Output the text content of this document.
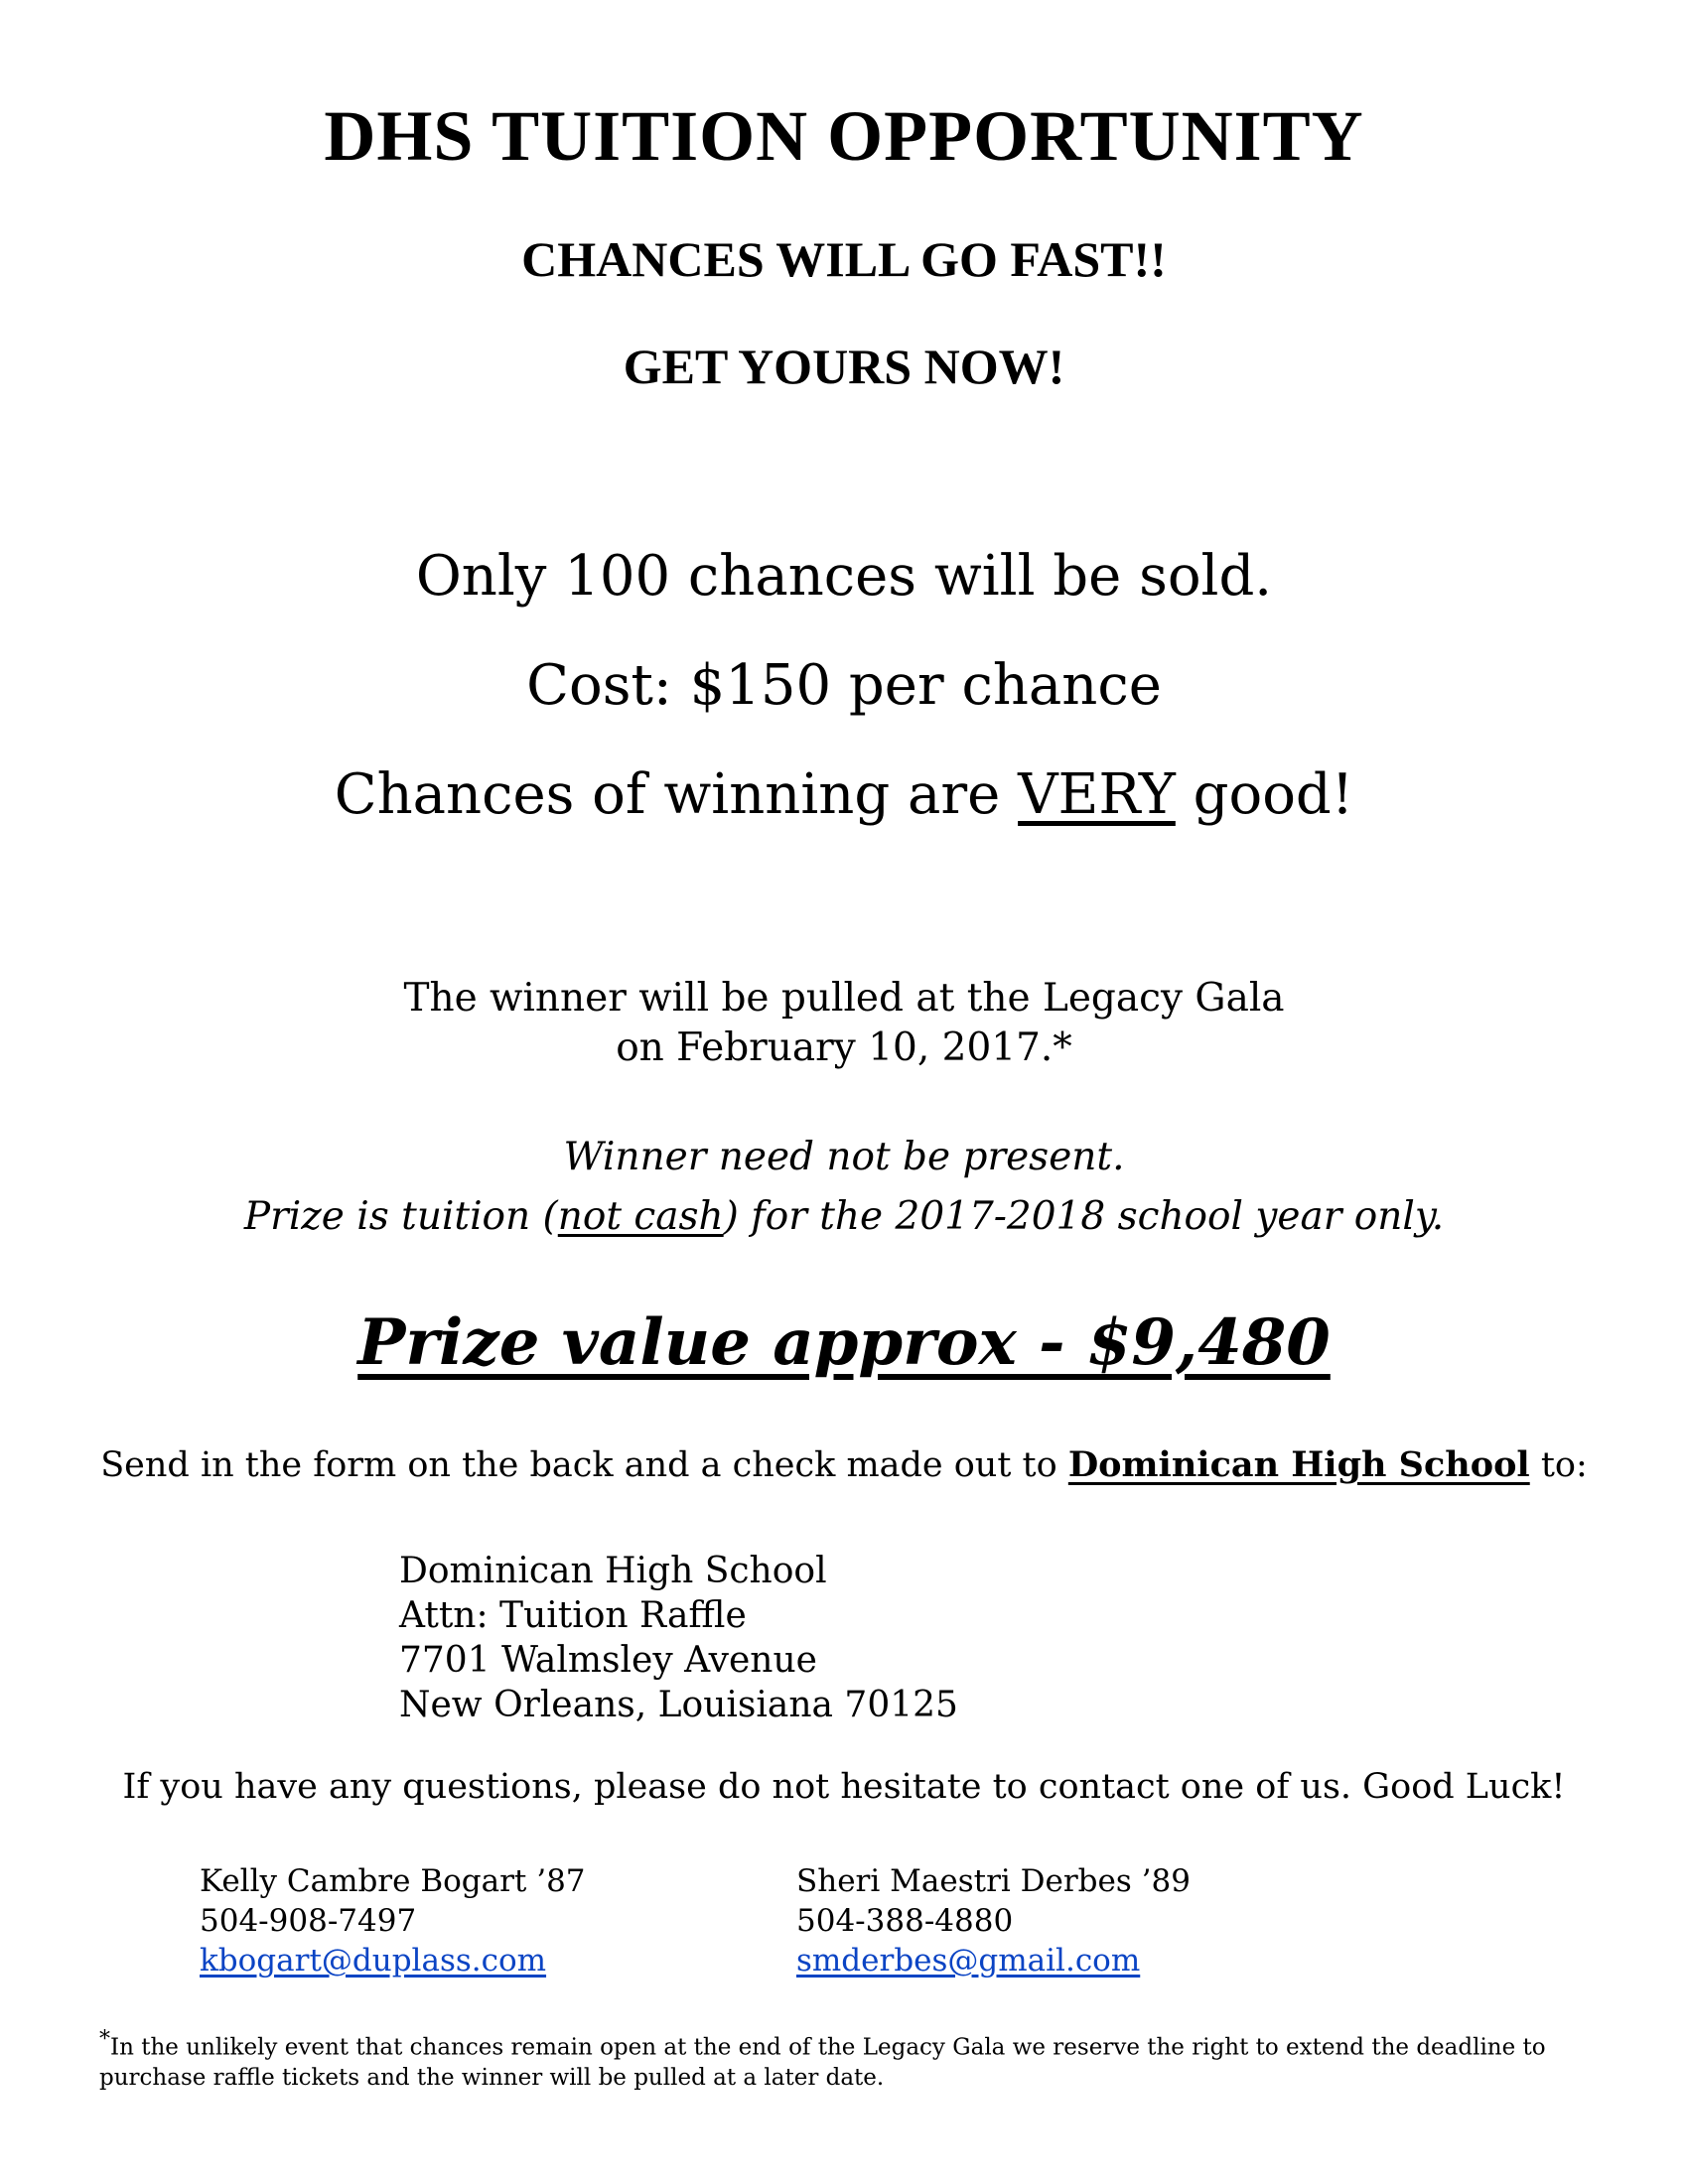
DHS TUITION OPPORTUNITY
CHANCES WILL GO FAST!!
GET YOURS NOW!
Only 100 chances will be sold.
Cost: $150 per chance
Chances of winning are VERY good!
The winner will be pulled at the Legacy Gala
on February 10, 2017.*
Winner need not be present.
Prize is tuition (not cash) for the 2017-2018 school year only.
Prize value approx - $9,480
Send in the form on the back and a check made out to Dominican High School to:
Dominican High School
Attn: Tuition Raffle
7701 Walmsley Avenue
New Orleans, Louisiana 70125
If you have any questions, please do not hesitate to contact one of us. Good Luck!
Kelly Cambre Bogart ’87
504-908-7497
kbogart@duplass.com
Sheri Maestri Derbes ’89
504-388-4880
smderbes@gmail.com
*In the unlikely event that chances remain open at the end of the Legacy Gala we reserve the right to extend the deadline to purchase raffle tickets and the winner will be pulled at a later date.
